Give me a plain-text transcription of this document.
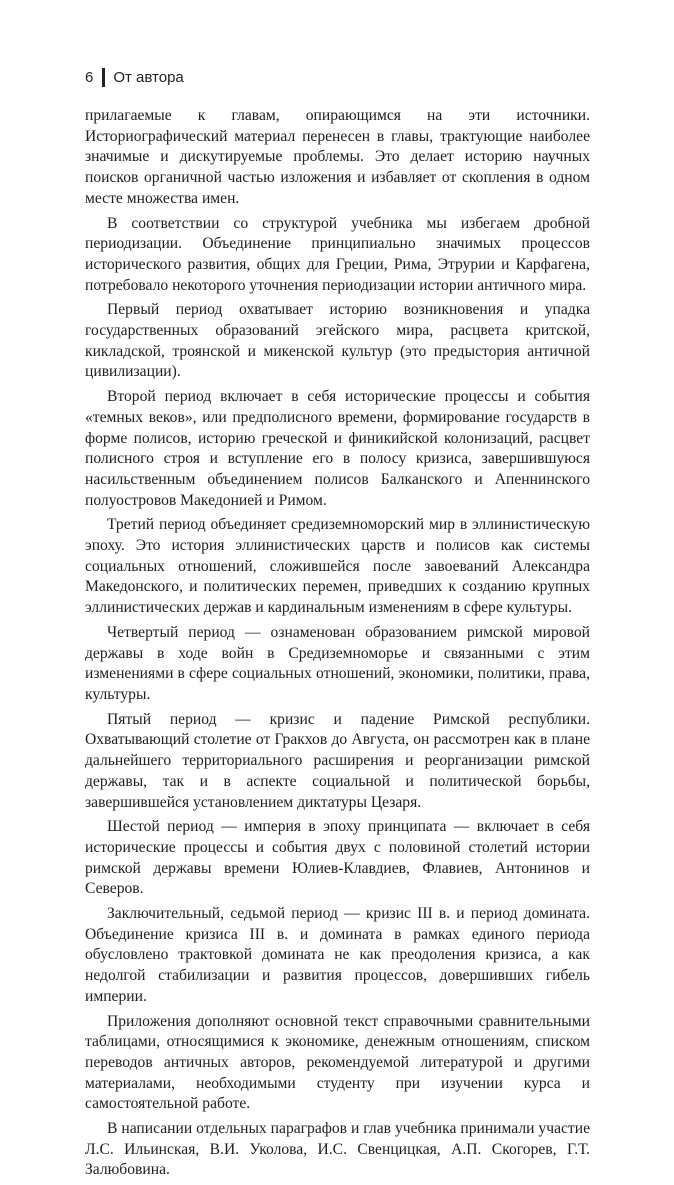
6 От автора

прилагаемые к главам, опирающимся на эти источники. Историографический материал перенесен в главы, трактующие наиболее значимые и дискутируемые проблемы. Это делает историю научных поисков органичной частью изложения и избавляет от скопления в одном месте множества имен.

В соответствии со структурой учебника мы избегаем дробной периодизации. Объединение принципиально значимых процессов исторического развития, общих для Греции, Рима, Этрурии и Карфагена, потребовало некоторого уточнения периодизации истории античного мира.

Первый период охватывает историю возникновения и упадка государственных образований эгейского мира, расцвета критской, кикладской, троянской и микенской культур (это предыстория античной цивилизации).

Второй период включает в себя исторические процессы и события «темных веков», или предполисного времени, формирование государств в форме полисов, историю греческой и финикийской колонизаций, расцвет полисного строя и вступление его в полосу кризиса, завершившуюся насильственным объединением полисов Балканского и Апеннинского полуостровов Македонией и Римом.

Третий период объединяет средиземноморский мир в эллинистическую эпоху. Это история эллинистических царств и полисов как системы социальных отношений, сложившейся после завоеваний Александра Македонского, и политических перемен, приведших к созданию крупных эллинистических держав и кардинальным изменениям в сфере культуры.

Четвертый период — ознаменован образованием римской мировой державы в ходе войн в Средиземноморье и связанными с этим изменениями в сфере социальных отношений, экономики, политики, права, культуры.

Пятый период — кризис и падение Римской республики. Охватывающий столетие от Гракхов до Августа, он рассмотрен как в плане дальнейшего территориального расширения и реорганизации римской державы, так и в аспекте социальной и политической борьбы, завершившейся установлением диктатуры Цезаря.

Шестой период — империя в эпоху принципата — включает в себя исторические процессы и события двух с половиной столетий истории римской державы времени Юлиев-Клавдиев, Флавиев, Антонинов и Северов.

Заключительный, седьмой период — кризис III в. и период домината. Объединение кризиса III в. и домината в рамках единого периода обусловлено трактовкой домината не как преодоления кризиса, а как недолгой стабилизации и развития процессов, довершивших гибель империи.

Приложения дополняют основной текст справочными сравнительными таблицами, относящимися к экономике, денежным отношениям, списком переводов античных авторов, рекомендуемой литературой и другими материалами, необходимыми студенту при изучении курса и самостоятельной работе.

В написании отдельных параграфов и глав учебника принимали участие Л.С. Ильинская, В.И. Уколова, И.С. Свенцицкая, А.П. Скогорев, Г.Т. Залюбовина.
